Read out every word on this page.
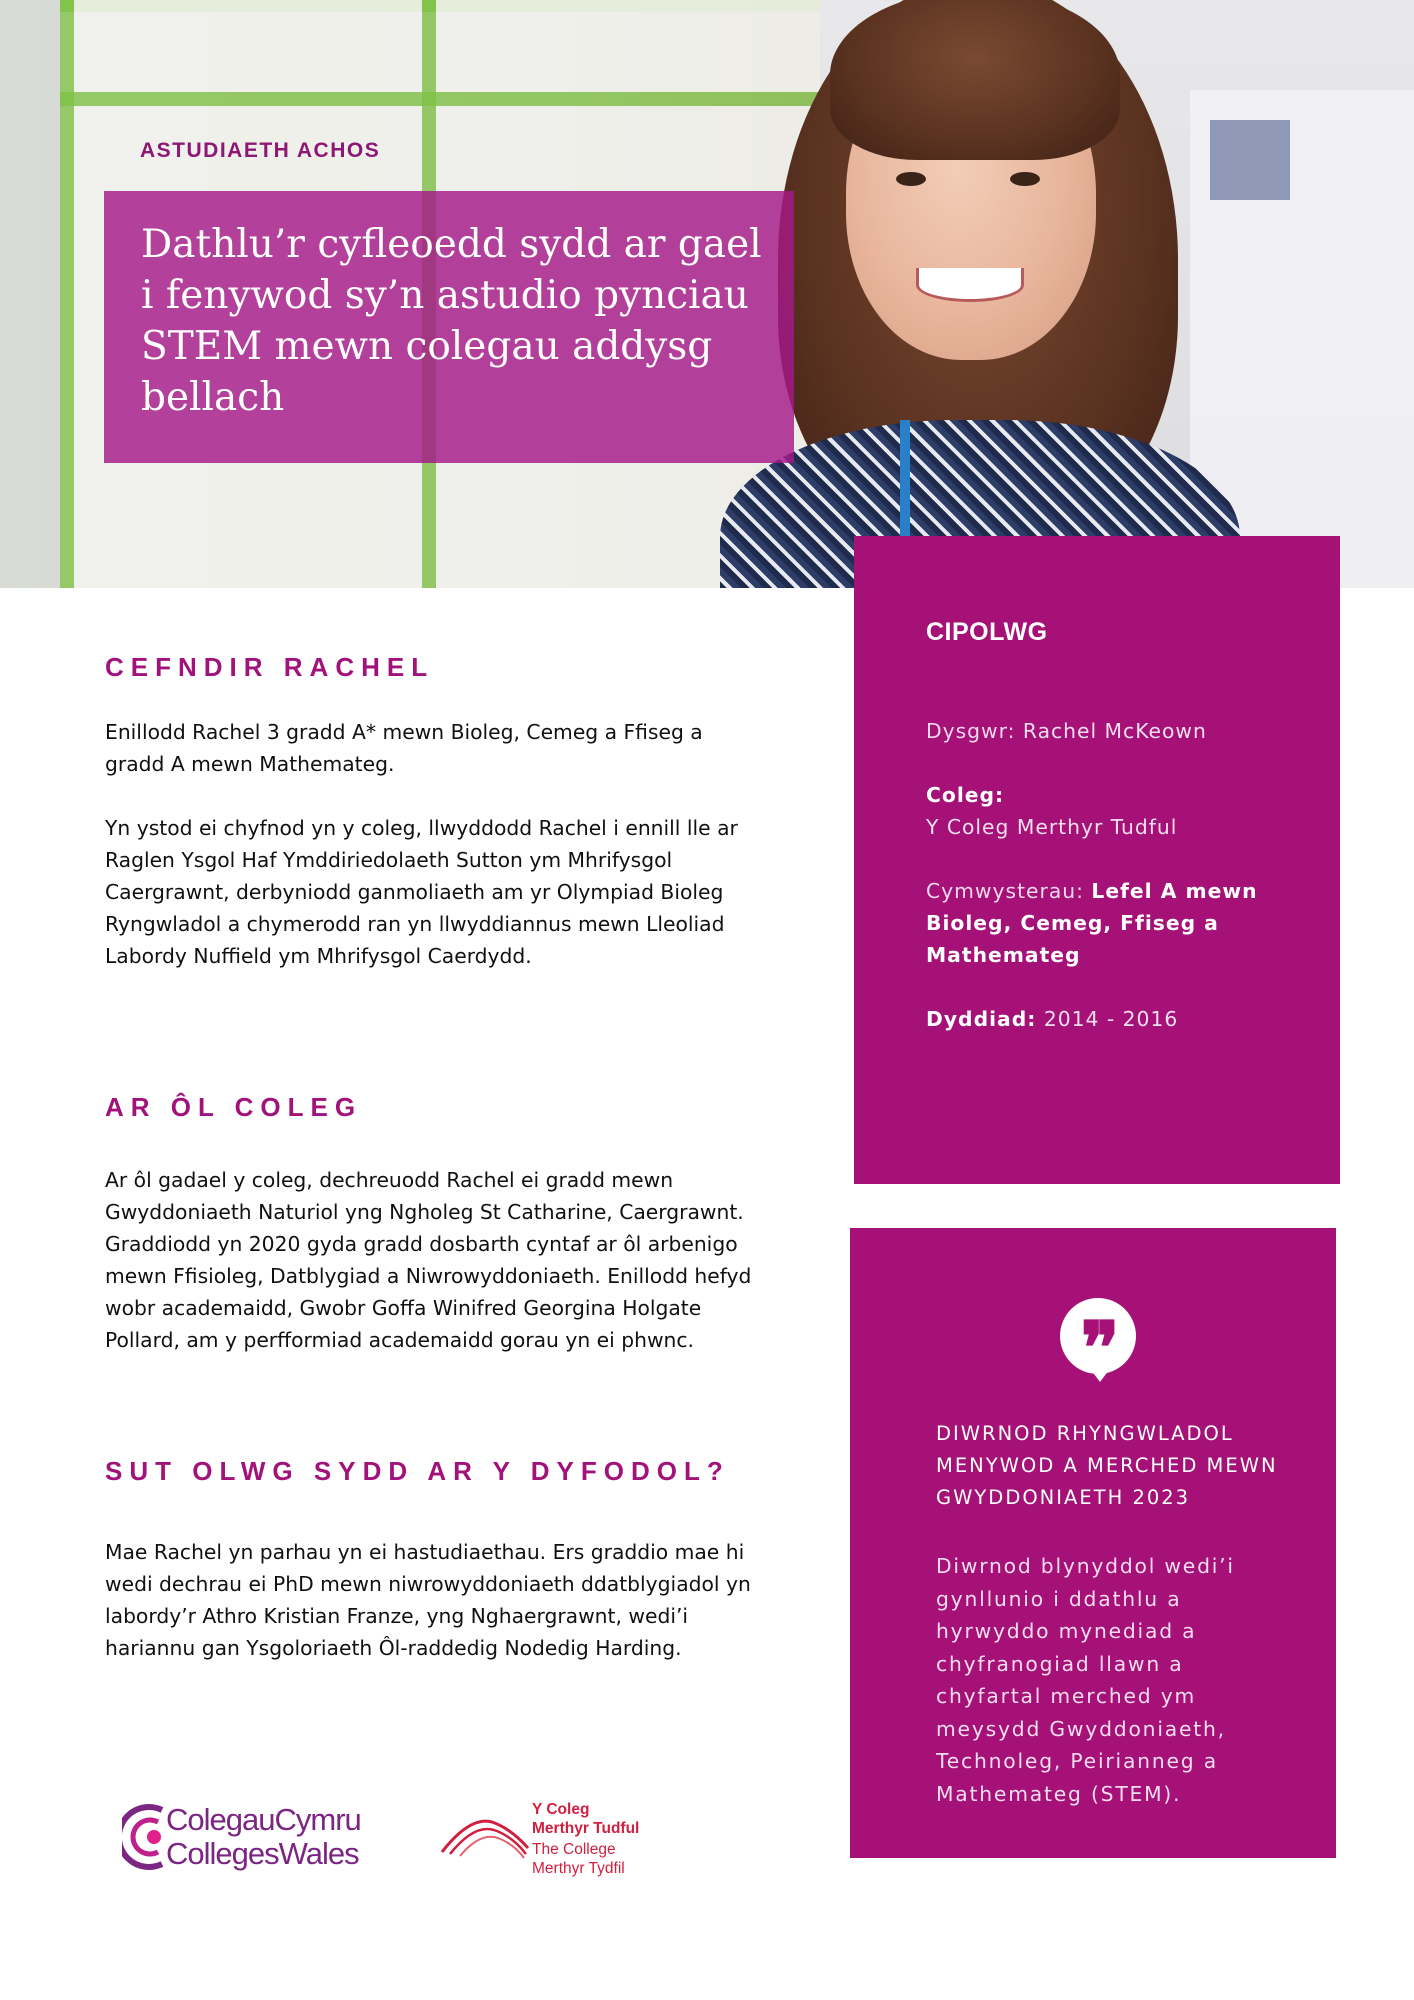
ASTUDIAETH ACHOS
Dathlu’r cyfleoedd sydd ar gael i fenywod sy’n astudio pynciau STEM mewn colegau addysg bellach
CEFNDIR RACHEL

Enillodd Rachel 3 gradd A* mewn Bioleg, Cemeg a Ffiseg a gradd A mewn Mathemateg.

Yn ystod ei chyfnod yn y coleg, llwyddodd Rachel i ennill lle ar Raglen Ysgol Haf Ymddiriedolaeth Sutton ym Mhrifysgol Caergrawnt, derbyniodd ganmoliaeth am yr Olympiad Bioleg Ryngwladol a chymerodd ran yn llwyddiannus mewn Lleoliad Labordy Nuffield ym Mhrifysgol Caerdydd.

AR ÔL COLEG

Ar ôl gadael y coleg, dechreuodd Rachel ei gradd mewn Gwyddoniaeth Naturiol yng Ngholeg St Catharine, Caergrawnt. Graddiodd yn 2020 gyda gradd dosbarth cyntaf ar ôl arbenigo mewn Ffisioleg, Datblygiad a Niwrowyddoniaeth. Enillodd hefyd wobr academaidd, Gwobr Goffa Winifred Georgina Holgate Pollard, am y perfformiad academaidd gorau yn ei phwnc.

SUT OLWG SYDD AR Y DYFODOL?

Mae Rachel yn parhau yn ei hastudiaethau. Ers graddio mae hi wedi dechrau ei PhD mewn niwrowyddoniaeth ddatblygiadol yn labordy’r Athro Kristian Franze, yng Nghaergrawnt, wedi’i hariannu gan Ysgoloriaeth Ôl-raddedig Nodedig Harding.

CIPOLWG
Dysgwr: Rachel McKeown
Coleg:
Y Coleg Merthyr Tudful
Cymwysterau: Lefel A mewn Bioleg, Cemeg, Ffiseg a Mathemateg
Dyddiad: 2014 - 2016
❞
DIWRNOD RHYNGWLADOL MENYWOD A MERCHED MEWN GWYDDONIAETH 2023
Diwrnod blynyddol wedi’i gynllunio i ddathlu a hyrwyddo mynediad a chyfranogiad llawn a chyfartal merched ym meysydd Gwyddoniaeth, Technoleg, Peirianneg a Mathemateg (STEM).
ColegauCymru
CollegesWales
Y Coleg
Merthyr Tudful
The College
Merthyr Tydfil
